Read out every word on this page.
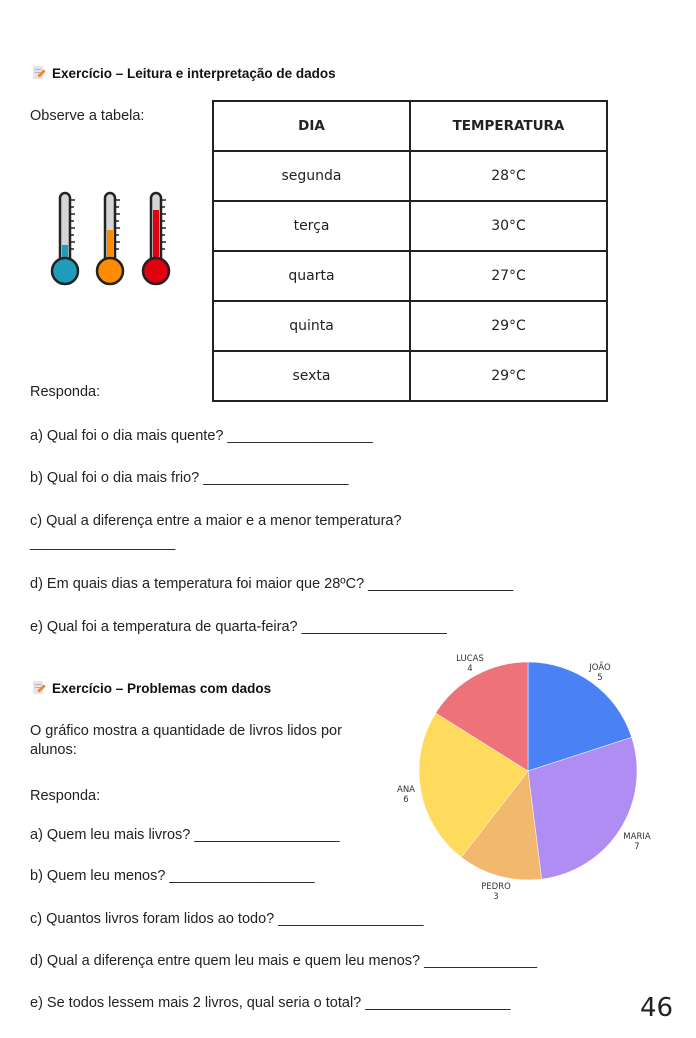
Exercício – Leitura e interpretação de dados
Observe a tabela:
DIA	TEMPERATURA
segunda	28°C
terça	30°C
quarta	27°C
quinta	29°C
sexta	29°C
Responda:
a) Qual foi o dia mais quente? __________________
b) Qual foi o dia mais frio? __________________
c) Qual a diferença entre a maior e a menor temperatura?
__________________
d) Em quais dias a temperatura foi maior que 28ºC? __________________
e) Qual foi a temperatura de quarta-feira? __________________
Exercício – Problemas com dados
O gráfico mostra a quantidade de livros lidos por alunos:
Responda:
a) Quem leu mais livros? __________________
b) Quem leu menos? __________________
c) Quantos livros foram lidos ao todo? __________________
d) Qual a diferença entre quem leu mais e quem leu menos? ______________
e) Se todos lessem mais 2 livros, qual seria o total? __________________
JOÃO
5
MARIA
7
PEDRO
3
ANA
6
LUCAS
4
46
